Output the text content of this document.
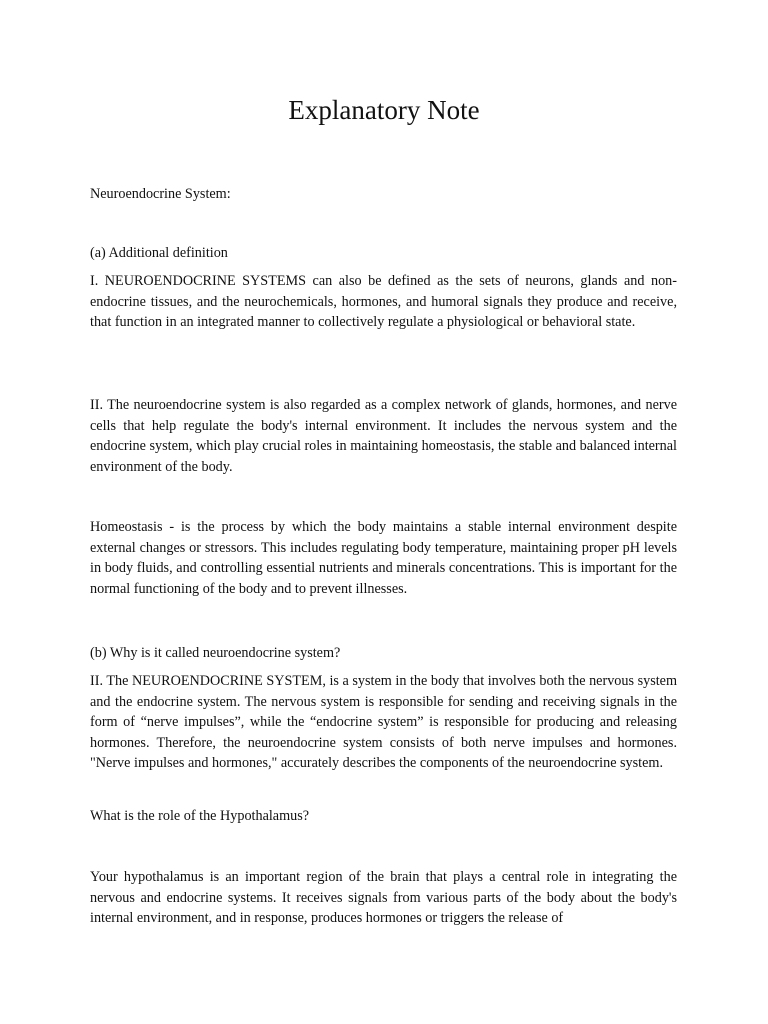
Explanatory Note

Neuroendocrine System:

(a) Additional definition

I. NEUROENDOCRINE SYSTEMS can also be defined as the sets of neurons, glands and non-endocrine tissues, and the neurochemicals, hormones, and humoral signals they produce and receive, that function in an integrated manner to collectively regulate a physiological or behavioral state.

II. The neuroendocrine system is also regarded as a complex network of glands, hormones, and nerve cells that help regulate the body's internal environment. It includes the nervous system and the endocrine system, which play crucial roles in maintaining homeostasis, the stable and balanced internal environment of the body.

Homeostasis - is the process by which the body maintains a stable internal environment despite external changes or stressors. This includes regulating body temperature, maintaining proper pH levels in body fluids, and controlling essential nutrients and minerals concentrations. This is important for the normal functioning of the body and to prevent illnesses.

(b) Why is it called neuroendocrine system?

II. The NEUROENDOCRINE SYSTEM, is a system in the body that involves both the nervous system and the endocrine system. The nervous system is responsible for sending and receiving signals in the form of “nerve impulses”, while the “endocrine system” is responsible for producing and releasing hormones. Therefore, the neuroendocrine system consists of both nerve impulses and hormones. "Nerve impulses and hormones," accurately describes the components of the neuroendocrine system.

What is the role of the Hypothalamus?

Your hypothalamus is an important region of the brain that plays a central role in integrating the nervous and endocrine systems. It receives signals from various parts of the body about the body's internal environment, and in response, produces hormones or triggers the release of
